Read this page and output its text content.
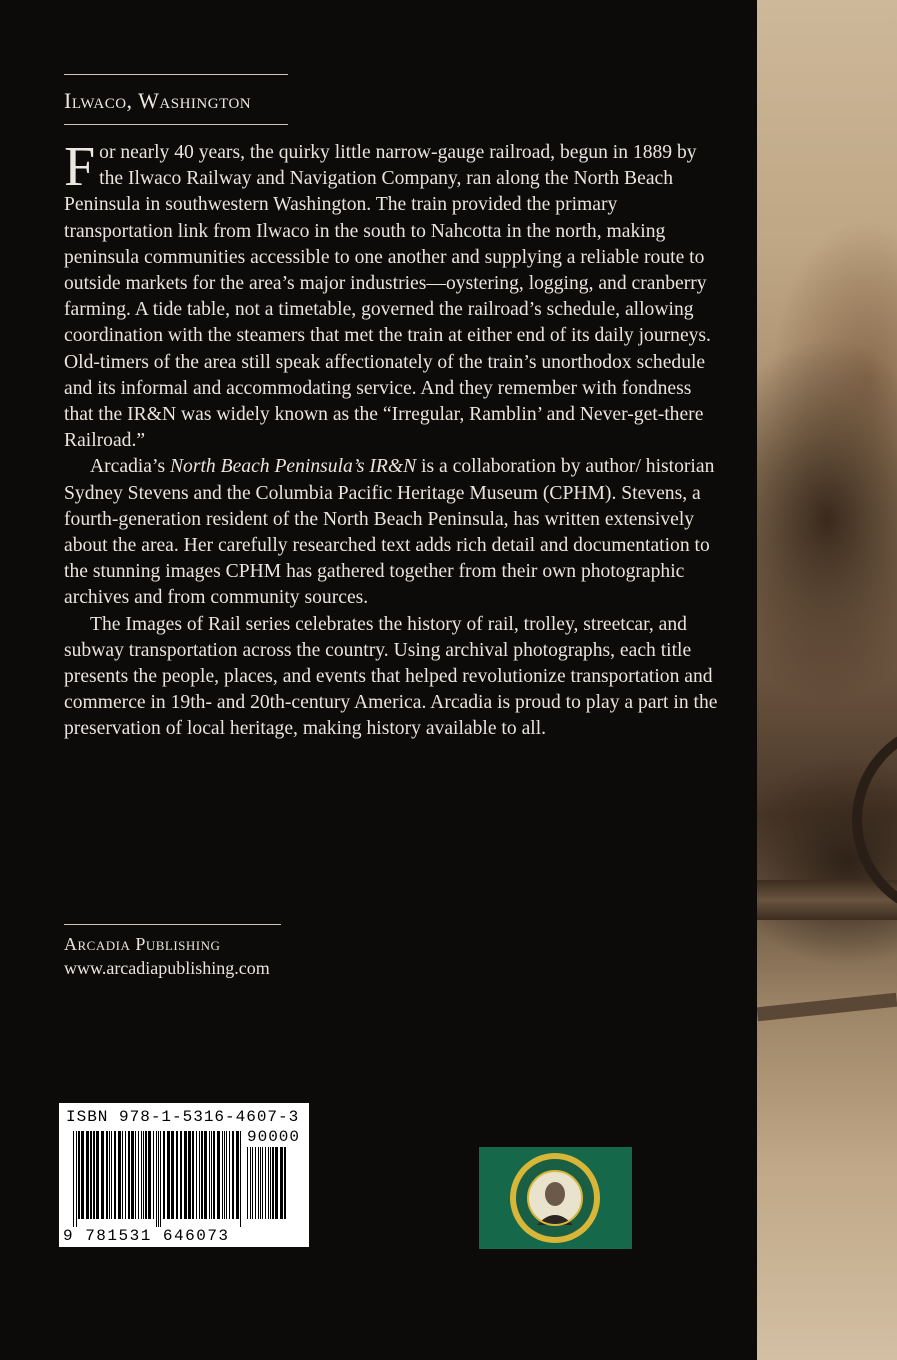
Ilwaco, Washington

For nearly 40 years, the quirky little narrow-gauge railroad, begun in 1889 by the Ilwaco Railway and Navigation Company, ran along the North Beach Peninsula in southwestern Washington. The train provided the primary transportation link from Ilwaco in the south to Nahcotta in the north, making peninsula communities accessible to one another and supplying a reliable route to outside markets for the area’s major industries—oystering, logging, and cranberry farming. A tide table, not a timetable, governed the railroad’s schedule, allowing coordination with the steamers that met the train at either end of its daily journeys. Old-timers of the area still speak affectionately of the train’s unorthodox schedule and its informal and accommodating service. And they remember with fondness that the IR&N was widely known as the “Irregular, Ramblin’ and Never-get-there Railroad.”

Arcadia’s North Beach Peninsula’s IR&N is a collaboration by author/ historian Sydney Stevens and the Columbia Pacific Heritage Museum (CPHM). Stevens, a fourth-generation resident of the North Beach Peninsula, has written extensively about the area. Her carefully researched text adds rich detail and documentation to the stunning images CPHM has gathered together from their own photographic archives and from community sources.

The Images of Rail series celebrates the history of rail, trolley, streetcar, and subway transportation across the country. Using archival photographs, each title presents the people, places, and events that helped revolutionize transportation and commerce in 19th- and 20th-century America. Arcadia is proud to play a part in the preservation of local heritage, making history available to all.

Arcadia Publishing
www.arcadiapublishing.com
ISBN 978-1-5316-4607-3
90000
9 781531 646073
